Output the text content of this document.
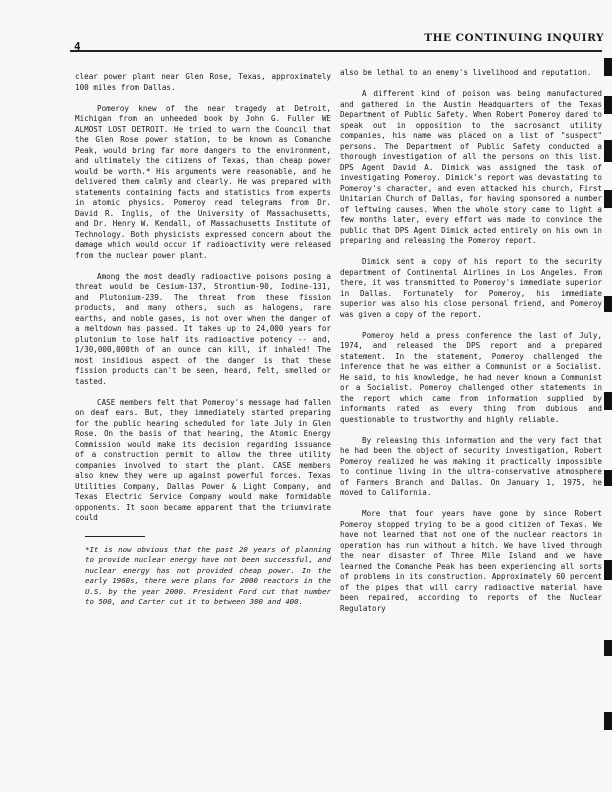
4
THE CONTINUING INQUIRY

clear power plant near Glen Rose, Texas, approximately 100 miles from Dallas.

Pomeroy knew of the near tragedy at Detroit, Michigan from an unheeded book by John G. Fuller WE ALMOST LOST DETROIT. He tried to warn the Council that the Glen Rose power station, to be known as Comanche Peak, would bring far more dangers to the environment, and ultimately the citizens of Texas, than cheap power would be worth.* His arguments were reasonable, and he delivered them calmly and clearly. He was prepared with statements containing facts and statistics from experts in atomic physics. Pomeroy read telegrams from Dr. David R. Inglis, of the University of Massachusetts, and Dr. Henry W. Kendall, of Massachusetts Institute of Technology. Both physicists expressed concern about the damage which would occur if radioactivity were released from the nuclear power plant.

Among the most deadly radioactive poisons posing a threat would be Cesium-137, Strontium-90, Iodine-131, and Plutonium-239. The threat from these fission products, and many others, such as halogens, rare earths, and noble gases, is not over when the danger of a meltdown has passed. It takes up to 24,000 years for plutonium to lose half its radioactive potency -- and, 1/30,000,000th of an ounce can kill, if inhaled! The most insidious aspect of the danger is that these fission products can't be seen, heard, felt, smelled or tasted.

CASE members felt that Pomeroy's message had fallen on deaf ears. But, they immediately started preparing for the public hearing scheduled for late July in Glen Rose. On the basis of that hearing, the Atomic Energy Commission would make its decision regarding issuance of a construction permit to allow the three utility companies involved to start the plant. CASE members also knew they were up against powerful forces. Texas Utilities Company, Dallas Power & Light Company, and Texas Electric Service Company would make formidable opponents. It soon became apparent that the triumvirate could

*It is now obvious that the past 20 years of planning to provide nuclear energy have not been successful, and nuclear energy has not provided cheap power. In the early 1960s, there were plans for 2000 reactors in the U.S. by the year 2000. President Ford cut that number to 500, and Carter cut it to between 300 and 400.

also be lethal to an enemy's livelihood and reputation.

A different kind of poison was being manufactured and gathered in the Austin Headquarters of the Texas Department of Public Safety. When Robert Pomeroy dared to speak out in opposition to the sacrosanct utility companies, his name was placed on a list of "suspect" persons. The Department of Public Safety conducted a thorough investigation of all the persons on this list. DPS Agent David A. Dimick was assigned the task of investigating Pomeroy. Dimick's report was devastating to Pomeroy's character, and even attacked his church, First Unitarian Church of Dallas, for having sponsored a number of leftwing causes. When the whole story came to light a few months later, every effort was made to convince the public that DPS Agent Dimick acted entirely on his own in preparing and releasing the Pomeroy report.

Dimick sent a copy of his report to the security department of Continental Airlines in Los Angeles. From there, it was transmitted to Pomeroy's immediate superior in Dallas. Fortunately for Pomeroy, his immediate superior was also his close personal friend, and Pomeroy was given a copy of the report.

Pomeroy held a press conference the last of July, 1974, and released the DPS report and a prepared statement. In the statement, Pomeroy challenged the inference that he was either a Communist or a Socialist. He said, to his knowledge, he had never known a Communist or a Socialist. Pomeroy challenged other statements in the report which came from information supplied by informants rated as every thing from dubious and questionable to trustworthy and highly reliable.

By releasing this information and the very fact that he had been the object of security investigation, Robert Pomeroy realized he was making it practically impossible to continue living in the ultra-conservative atmosphere of Farmers Branch and Dallas. On January 1, 1975, he moved to California.

More that four years have gone by since Robert Pomeroy stopped trying to be a good citizen of Texas. We have not learned that not one of the nuclear reactors in operation has run without a hitch. We have lived through the near disaster of Three Mile Island and we have learned the Comanche Peak has been experiencing all sorts of problems in its construction. Approximately 60 percent of the pipes that will carry radioactive material have been repaired, according to reports of the Nuclear Regulatory
